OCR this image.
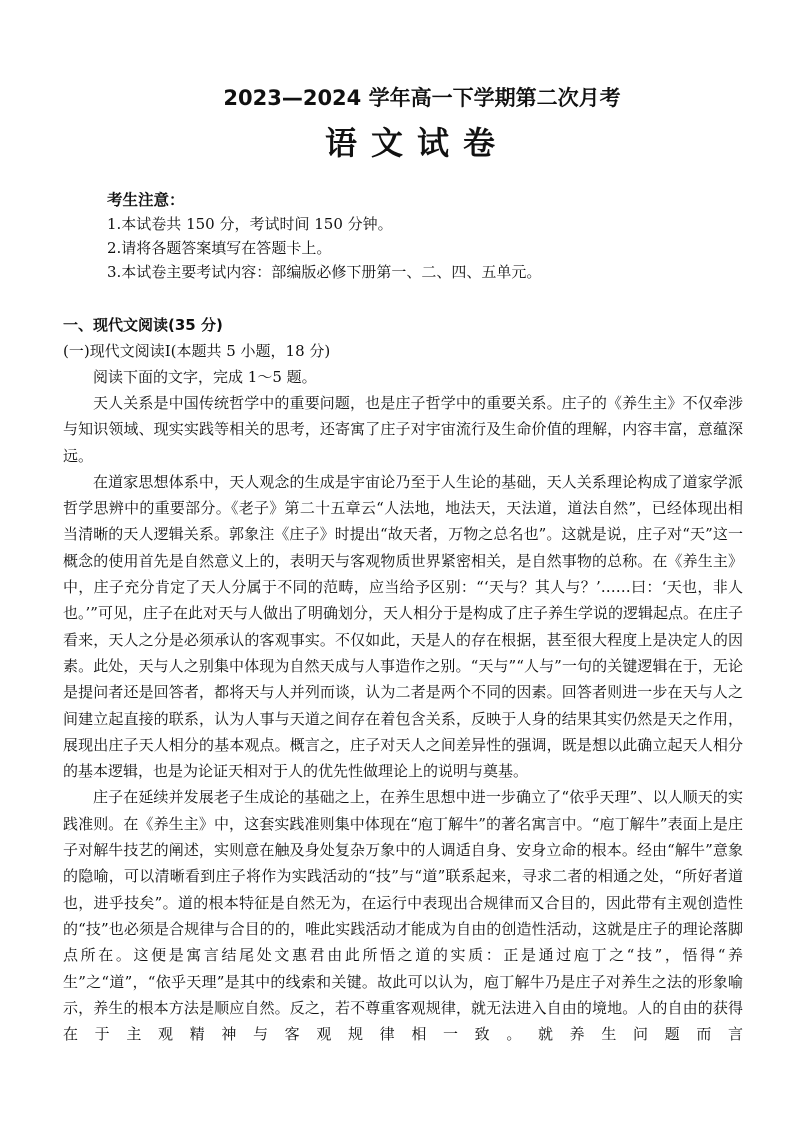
2023—2024 学年高一下学期第二次月考
语文试卷
考生注意：
1.本试卷共 150 分，考试时间 150 分钟。
2.请将各题答案填写在答题卡上。
3.本试卷主要考试内容：部编版必修下册第一、二、四、五单元。
一、现代文阅读(35 分)
(一)现代文阅读Ⅰ(本题共 5 小题，18 分)
阅读下面的文字，完成 1～5 题。

天人关系是中国传统哲学中的重要问题，也是庄子哲学中的重要关系。庄子的《养生主》不仅牵涉与知识领域、现实实践等相关的思考，还寄寓了庄子对宇宙流行及生命价值的理解，内容丰富，意蕴深远。

在道家思想体系中，天人观念的生成是宇宙论乃至于人生论的基础，天人关系理论构成了道家学派哲学思辨中的重要部分。《老子》第二十五章云“人法地，地法天，天法道，道法自然”，已经体现出相当清晰的天人逻辑关系。郭象注《庄子》时提出“故天者，万物之总名也”。这就是说，庄子对“天”这一概念的使用首先是自然意义上的，表明天与客观物质世界紧密相关，是自然事物的总称。在《养生主》中，庄子充分肯定了天人分属于不同的范畴，应当给予区别：“‘天与？其人与？’……曰：‘天也，非人也。’”可见，庄子在此对天与人做出了明确划分，天人相分于是构成了庄子养生学说的逻辑起点。在庄子看来，天人之分是必须承认的客观事实。不仅如此，天是人的存在根据，甚至很大程度上是决定人的因素。此处，天与人之别集中体现为自然天成与人事造作之别。“天与”“人与”一句的关键逻辑在于，无论是提问者还是回答者，都将天与人并列而谈，认为二者是两个不同的因素。回答者则进一步在天与人之间建立起直接的联系，认为人事与天道之间存在着包含关系，反映于人身的结果其实仍然是天之作用，展现出庄子天人相分的基本观点。概言之，庄子对天人之间差异性的强调，既是想以此确立起天人相分的基本逻辑，也是为论证天相对于人的优先性做理论上的说明与奠基。

庄子在延续并发展老子生成论的基础之上，在养生思想中进一步确立了“依乎天理”、以人顺天的实践准则。在《养生主》中，这套实践准则集中体现在“庖丁解牛”的著名寓言中。“庖丁解牛”表面上是庄子对解牛技艺的阐述，实则意在触及身处复杂万象中的人调适自身、安身立命的根本。经由“解牛”意象的隐喻，可以清晰看到庄子将作为实践活动的“技”与“道”联系起来，寻求二者的相通之处，“所好者道也，进乎技矣”。道的根本特征是自然无为，在运行中表现出合规律而又合目的，因此带有主观创造性的“技”也必须是合规律与合目的的，唯此实践活动才能成为自由的创造性活动，这就是庄子的理论落脚点所在。这便是寓言结尾处文惠君由此所悟之道的实质：正是通过庖丁之“技”，悟得“养生”之“道”，“依乎天理”是其中的线索和关键。故此可以认为，庖丁解牛乃是庄子对养生之法的形象喻示，养生的根本方法是顺应自然。反之，若不尊重客观规律，就无法进入自由的境地。人的自由的获得在于主观精神与客观规律相一致。就养生问题而言
